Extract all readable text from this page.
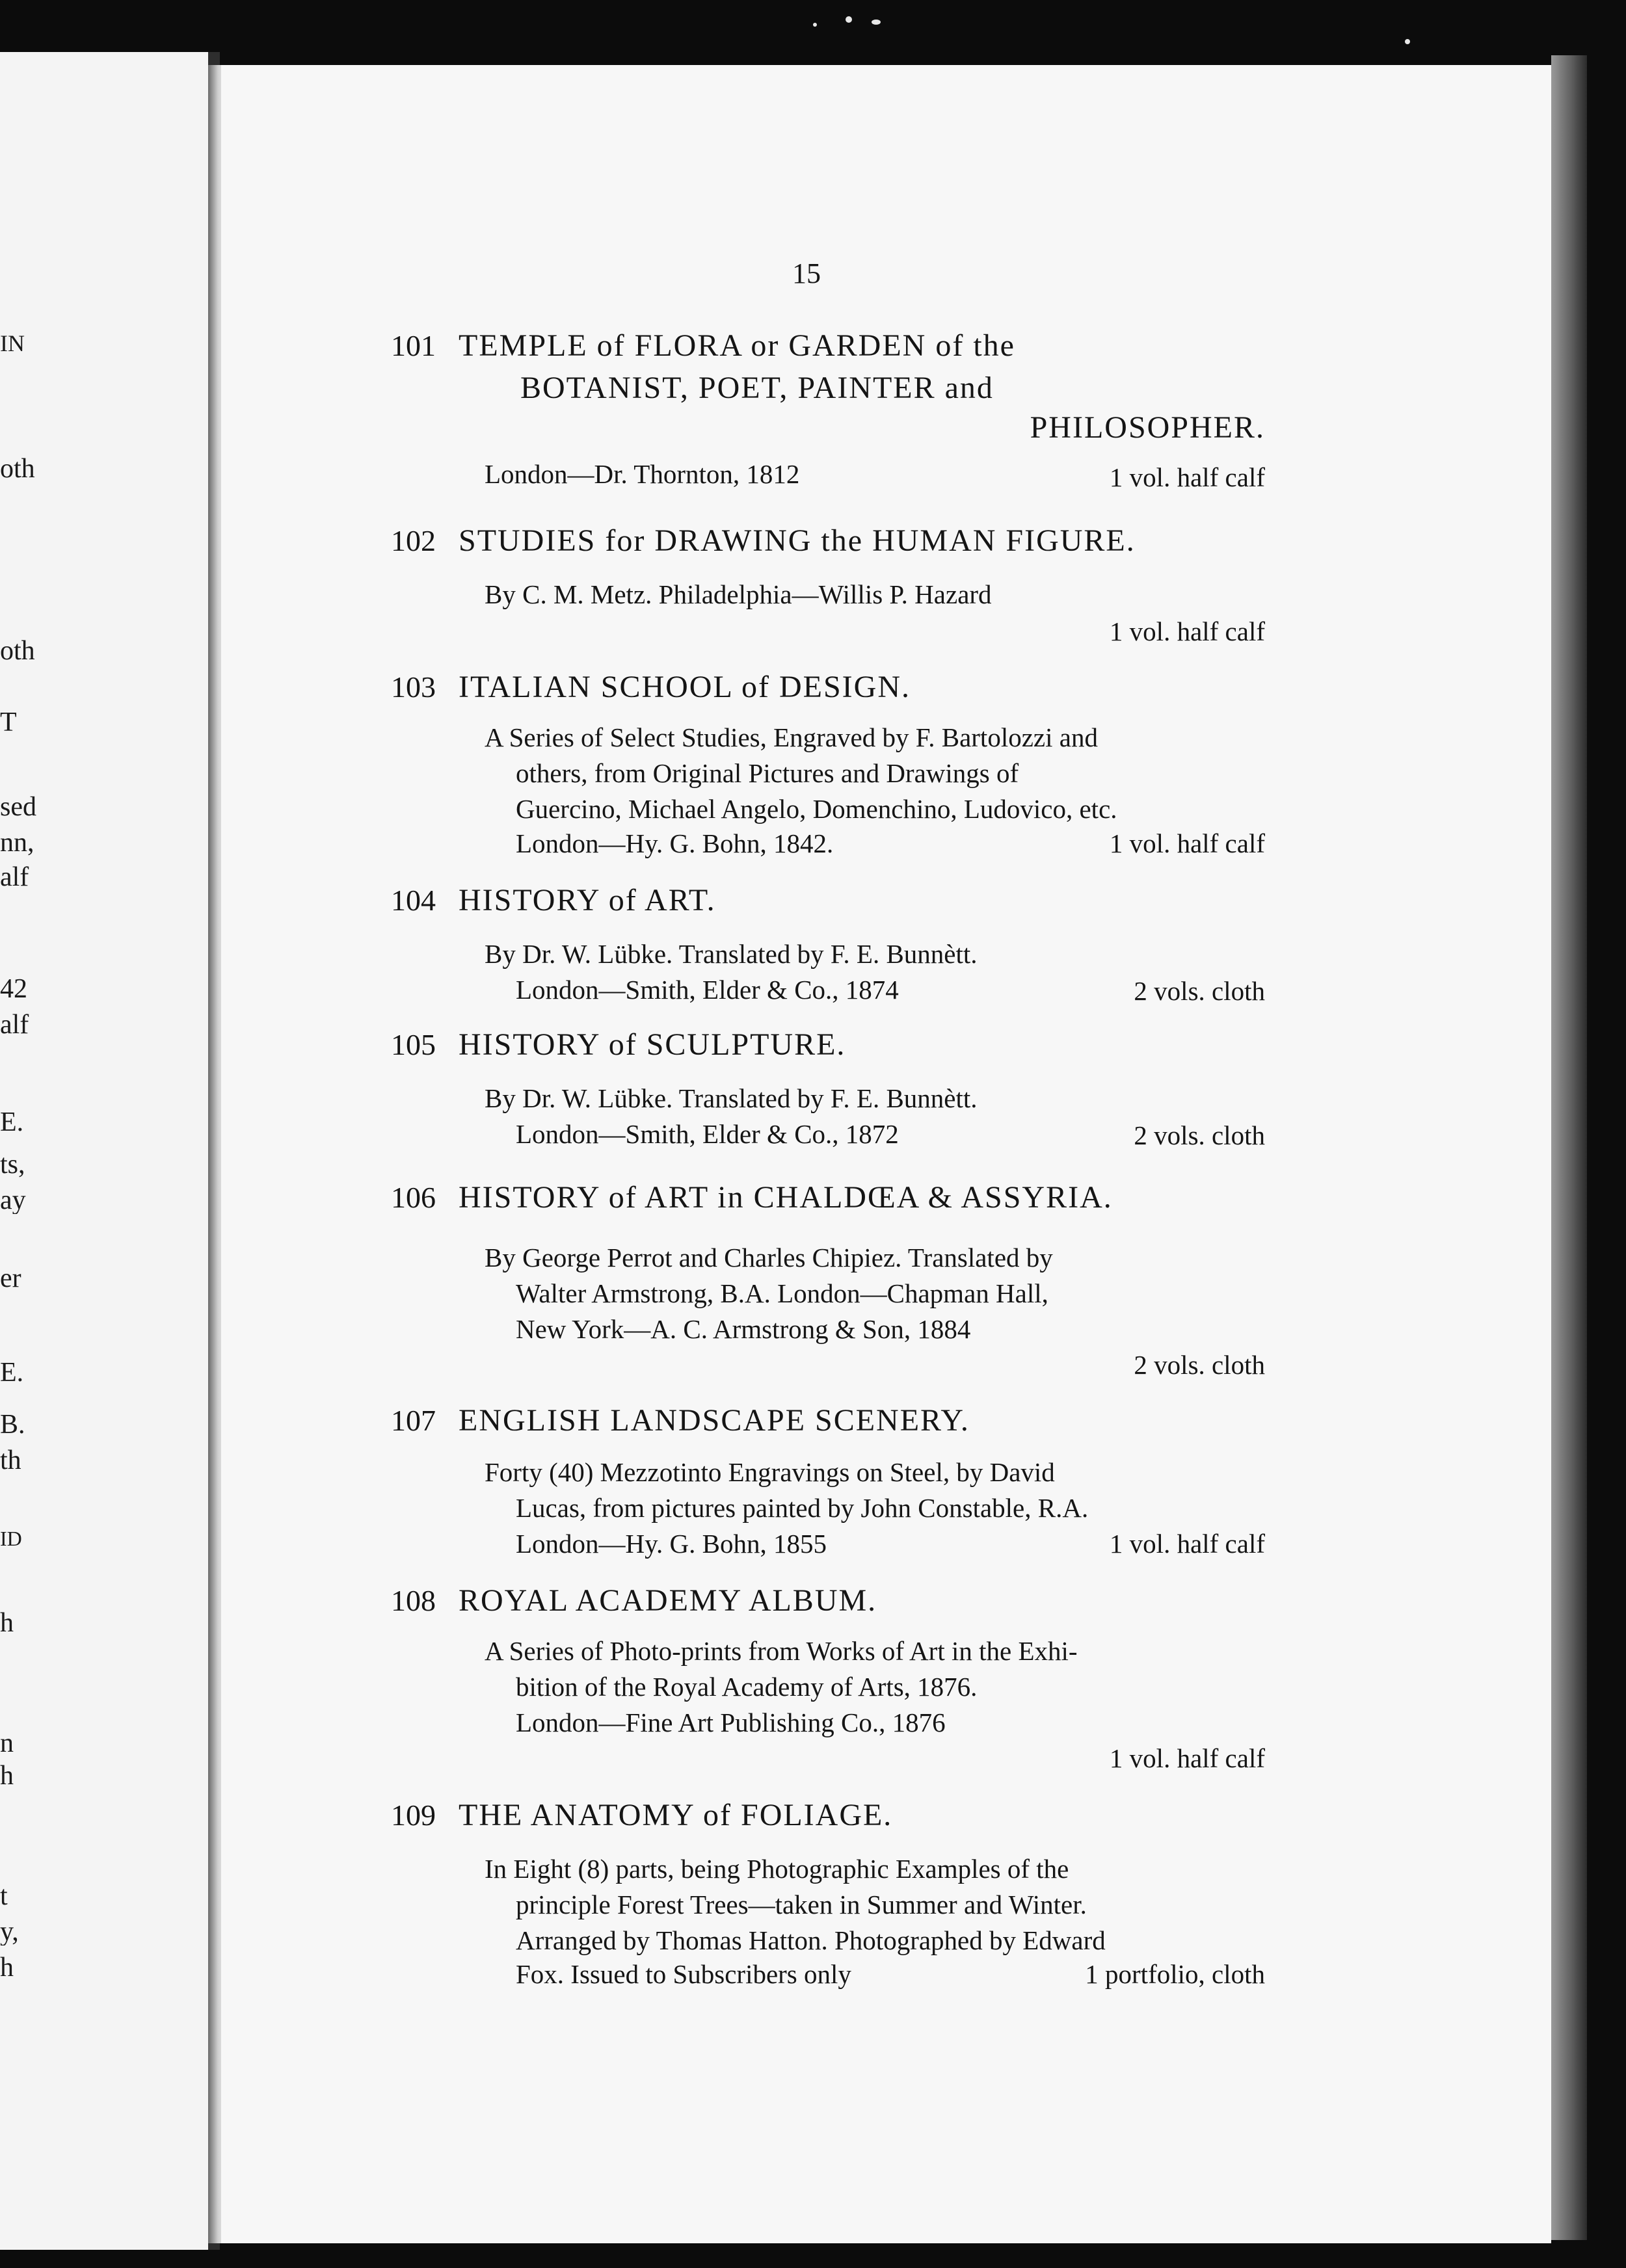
IN
oth
oth
T
sed
nn,
alf
42
alf
E.
ts,
ay
er
E.
B.
th
ID
h
n
h
t
y,
h
15
101 TEMPLE of FLORA or GARDEN of the
BOTANIST, POET, PAINTER and
PHILOSOPHER.
London—Dr. Thornton, 1812	1 vol. half calf
102 STUDIES for DRAWING the HUMAN FIGURE.
By C. M. Metz. Philadelphia—Willis P. Hazard
1 vol. half calf
103 ITALIAN SCHOOL of DESIGN.
A Series of Select Studies, Engraved by F. Bartolozzi and
others, from Original Pictures and Drawings of
Guercino, Michael Angelo, Domenchino, Ludovico, etc.
London—Hy. G. Bohn, 1842.	1 vol. half calf
104 HISTORY of ART.
By Dr. W. Lübke. Translated by F. E. Bunnètt.
London—Smith, Elder & Co., 1874	2 vols. cloth
105 HISTORY of SCULPTURE.
By Dr. W. Lübke. Translated by F. E. Bunnètt.
London—Smith, Elder & Co., 1872	2 vols. cloth
106 HISTORY of ART in CHALDŒA & ASSYRIA.
By George Perrot and Charles Chipiez. Translated by
Walter Armstrong, B.A. London—Chapman Hall,
New York—A. C. Armstrong & Son, 1884
2 vols. cloth
107 ENGLISH LANDSCAPE SCENERY.
Forty (40) Mezzotinto Engravings on Steel, by David
Lucas, from pictures painted by John Constable, R.A.
London—Hy. G. Bohn, 1855	1 vol. half calf
108 ROYAL ACADEMY ALBUM.
A Series of Photo-prints from Works of Art in the Exhi-
bition of the Royal Academy of Arts, 1876.
London—Fine Art Publishing Co., 1876
1 vol. half calf
109 THE ANATOMY of FOLIAGE.
In Eight (8) parts, being Photographic Examples of the
principle Forest Trees—taken in Summer and Winter.
Arranged by Thomas Hatton. Photographed by Edward
Fox. Issued to Subscribers only	1 portfolio, cloth
